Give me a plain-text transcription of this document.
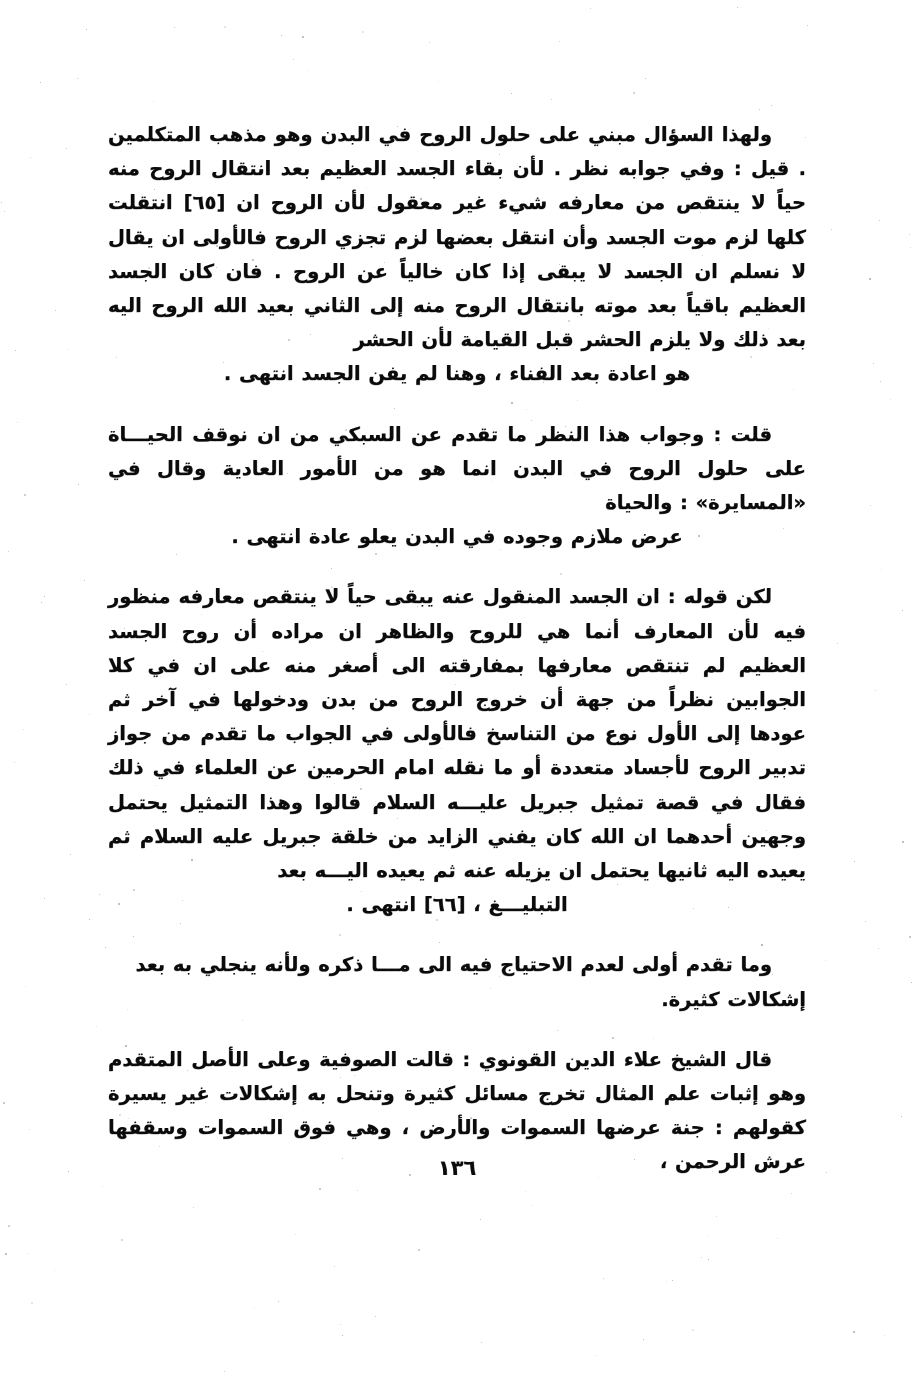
ولهذا السؤال مبني على حلول الروح في البدن وهو مذهب المتكلمين . قيل : وفي جوابه نظر . لأن بقاء الجسد العظيم بعد انتقال الروح منه حياً لا ينتقص من معارفه شيء غير معقول لأن الروح ان [٦٥] انتقلت كلها لزم موت الجسد وأن انتقل بعضها لزم تجزي الروح فالأولى ان يقال لا نسلم ان الجسد لا يبقى إذا كان خالياً عن الروح . فان كان الجسد العظيم باقياً بعد موته بانتقال الروح منه إلى الثاني بعيد الله الروح اليه بعد ذلك ولا يلزم الحشر قبل القيامة لأن الحشر
هو اعادة بعد الفناء ، وهنا لم يفن الجسد انتهى .

قلت : وجواب هذا النظر ما تقدم عن السبكي من ان نوقف الحيـــاة على حلول الروح في البدن انما هو من الأمور العادية وقال في «المسايرة» : والحياة
عرض ملازم وجوده في البدن يعلو عادة انتهى .

لكن قوله : ان الجسد المنقول عنه يبقى حياً لا ينتقص معارفه منظور فيه لأن المعارف أنما هي للروح والظاهر ان مراده أن روح الجسد العظيم لم تنتقص معارفها بمفارقته الى أصغر منه على ان في كلا الجوابين نظراً من جهة أن خروج الروح من بدن ودخولها في آخر ثم عودها إلى الأول نوع من التناسخ فالأولى في الجواب ما تقدم من جواز تدبير الروح لأجساد متعددة أو ما نقله امام الحرمين عن العلماء في ذلك فقال في قصة تمثيل جبريل عليـــه السلام قالوا وهذا التمثيل يحتمل وجهين أحدهما ان الله كان يفني الزايد من خلقة جبريل عليه السلام ثم يعيده اليه ثانيها يحتمل ان يزيله عنه ثم يعيده اليـــه بعد
التبليـــغ ، [٦٦] انتهى .

وما تقدم أولى لعدم الاحتياج فيه الى مـــا ذكره ولأنه ينجلي به بعد
إشكالات كثيرة.

قال الشيخ علاء الدين القونوي : قالت الصوفية وعلى الأصل المتقدم وهو إثبات علم المثال تخرج مسائل كثيرة وتنحل به إشكالات غير يسيرة كقولهم : جنة عرضها السموات والأرض ، وهي فوق السموات وسقفها عرش الرحمن ،

١٣٦
